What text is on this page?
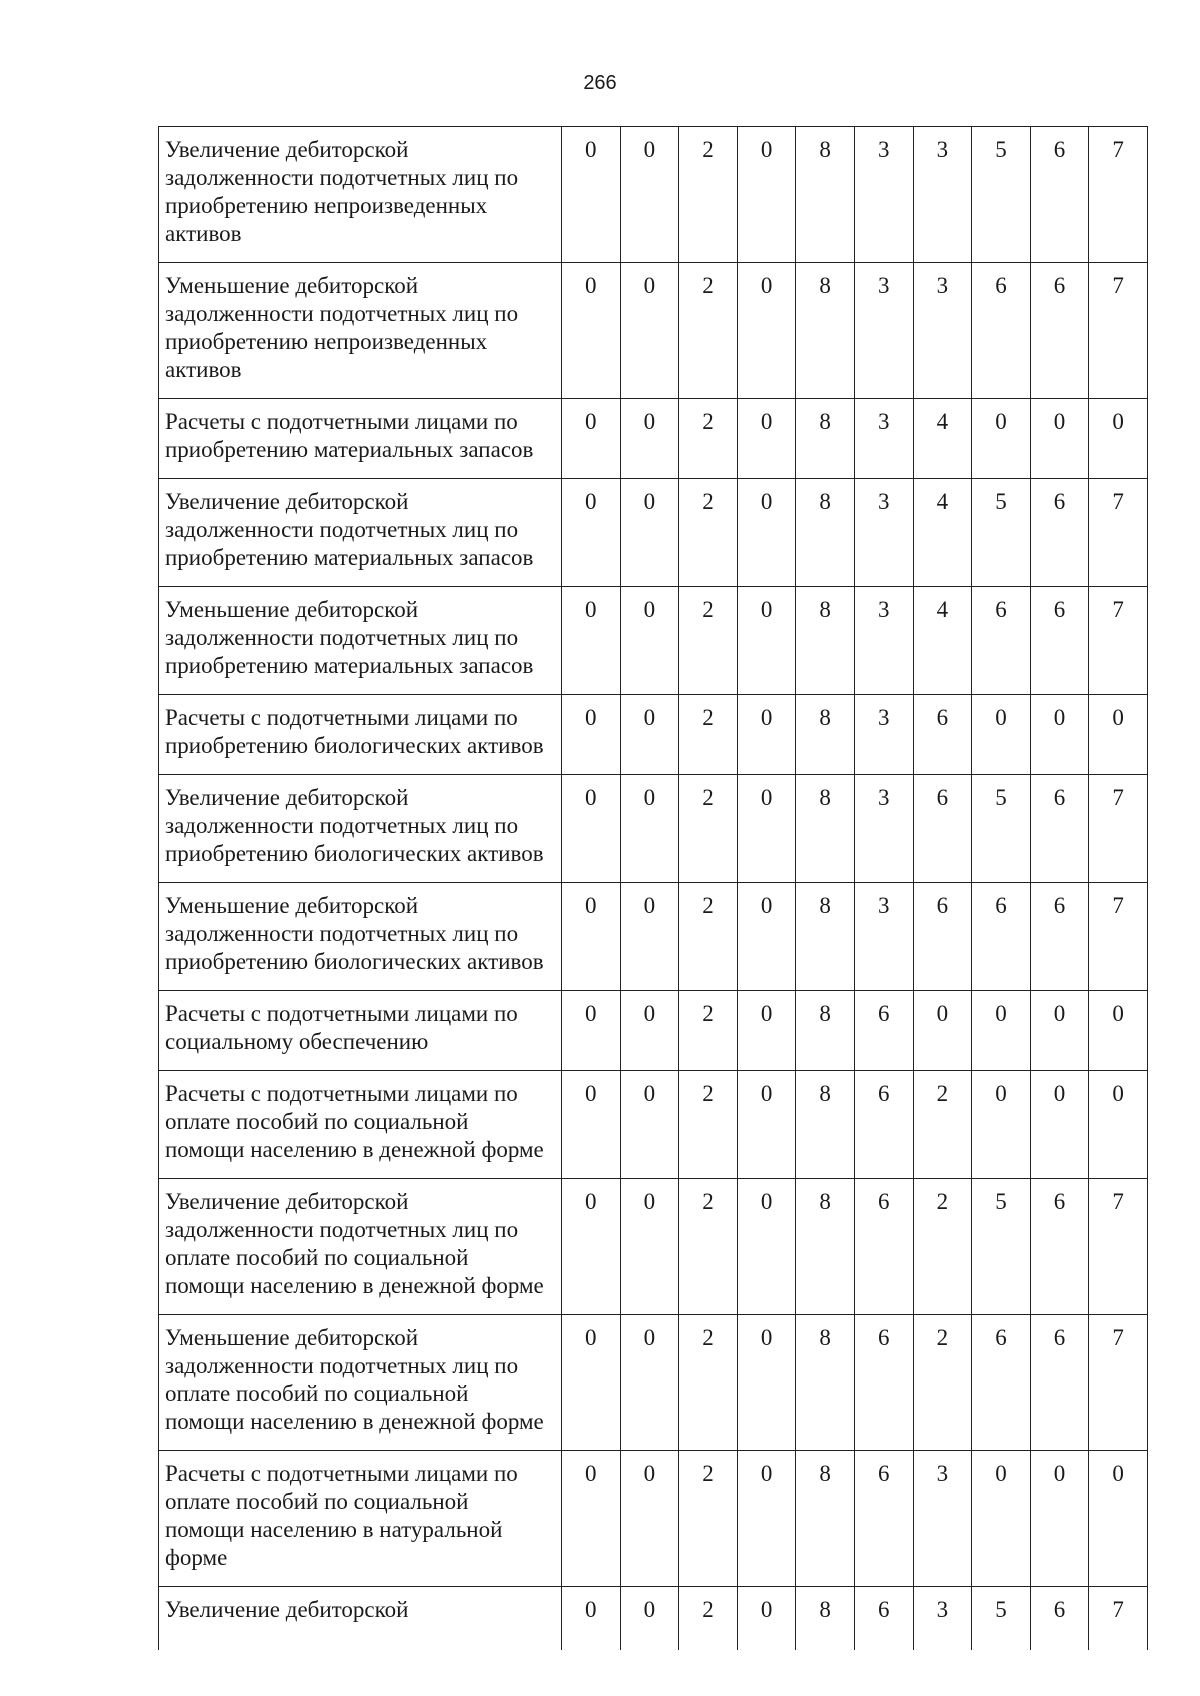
266
Увеличение дебиторской
задолженности подотчетных лиц по
приобретению непроизведенных
активов	0	0	2	0	8	3	3	5	6	7
Уменьшение дебиторской
задолженности подотчетных лиц по
приобретению непроизведенных
активов	0	0	2	0	8	3	3	6	6	7
Расчеты с подотчетными лицами по
приобретению материальных запасов	0	0	2	0	8	3	4	0	0	0
Увеличение дебиторской
задолженности подотчетных лиц по
приобретению материальных запасов	0	0	2	0	8	3	4	5	6	7
Уменьшение дебиторской
задолженности подотчетных лиц по
приобретению материальных запасов	0	0	2	0	8	3	4	6	6	7
Расчеты с подотчетными лицами по
приобретению биологических активов	0	0	2	0	8	3	6	0	0	0
Увеличение дебиторской
задолженности подотчетных лиц по
приобретению биологических активов	0	0	2	0	8	3	6	5	6	7
Уменьшение дебиторской
задолженности подотчетных лиц по
приобретению биологических активов	0	0	2	0	8	3	6	6	6	7
Расчеты с подотчетными лицами по
социальному обеспечению	0	0	2	0	8	6	0	0	0	0
Расчеты с подотчетными лицами по
оплате пособий по социальной
помощи населению в денежной форме	0	0	2	0	8	6	2	0	0	0
Увеличение дебиторской
задолженности подотчетных лиц по
оплате пособий по социальной
помощи населению в денежной форме	0	0	2	0	8	6	2	5	6	7
Уменьшение дебиторской
задолженности подотчетных лиц по
оплате пособий по социальной
помощи населению в денежной форме	0	0	2	0	8	6	2	6	6	7
Расчеты с подотчетными лицами по
оплате пособий по социальной
помощи населению в натуральной
форме	0	0	2	0	8	6	3	0	0	0
Увеличение дебиторской	0	0	2	0	8	6	3	5	6	7
